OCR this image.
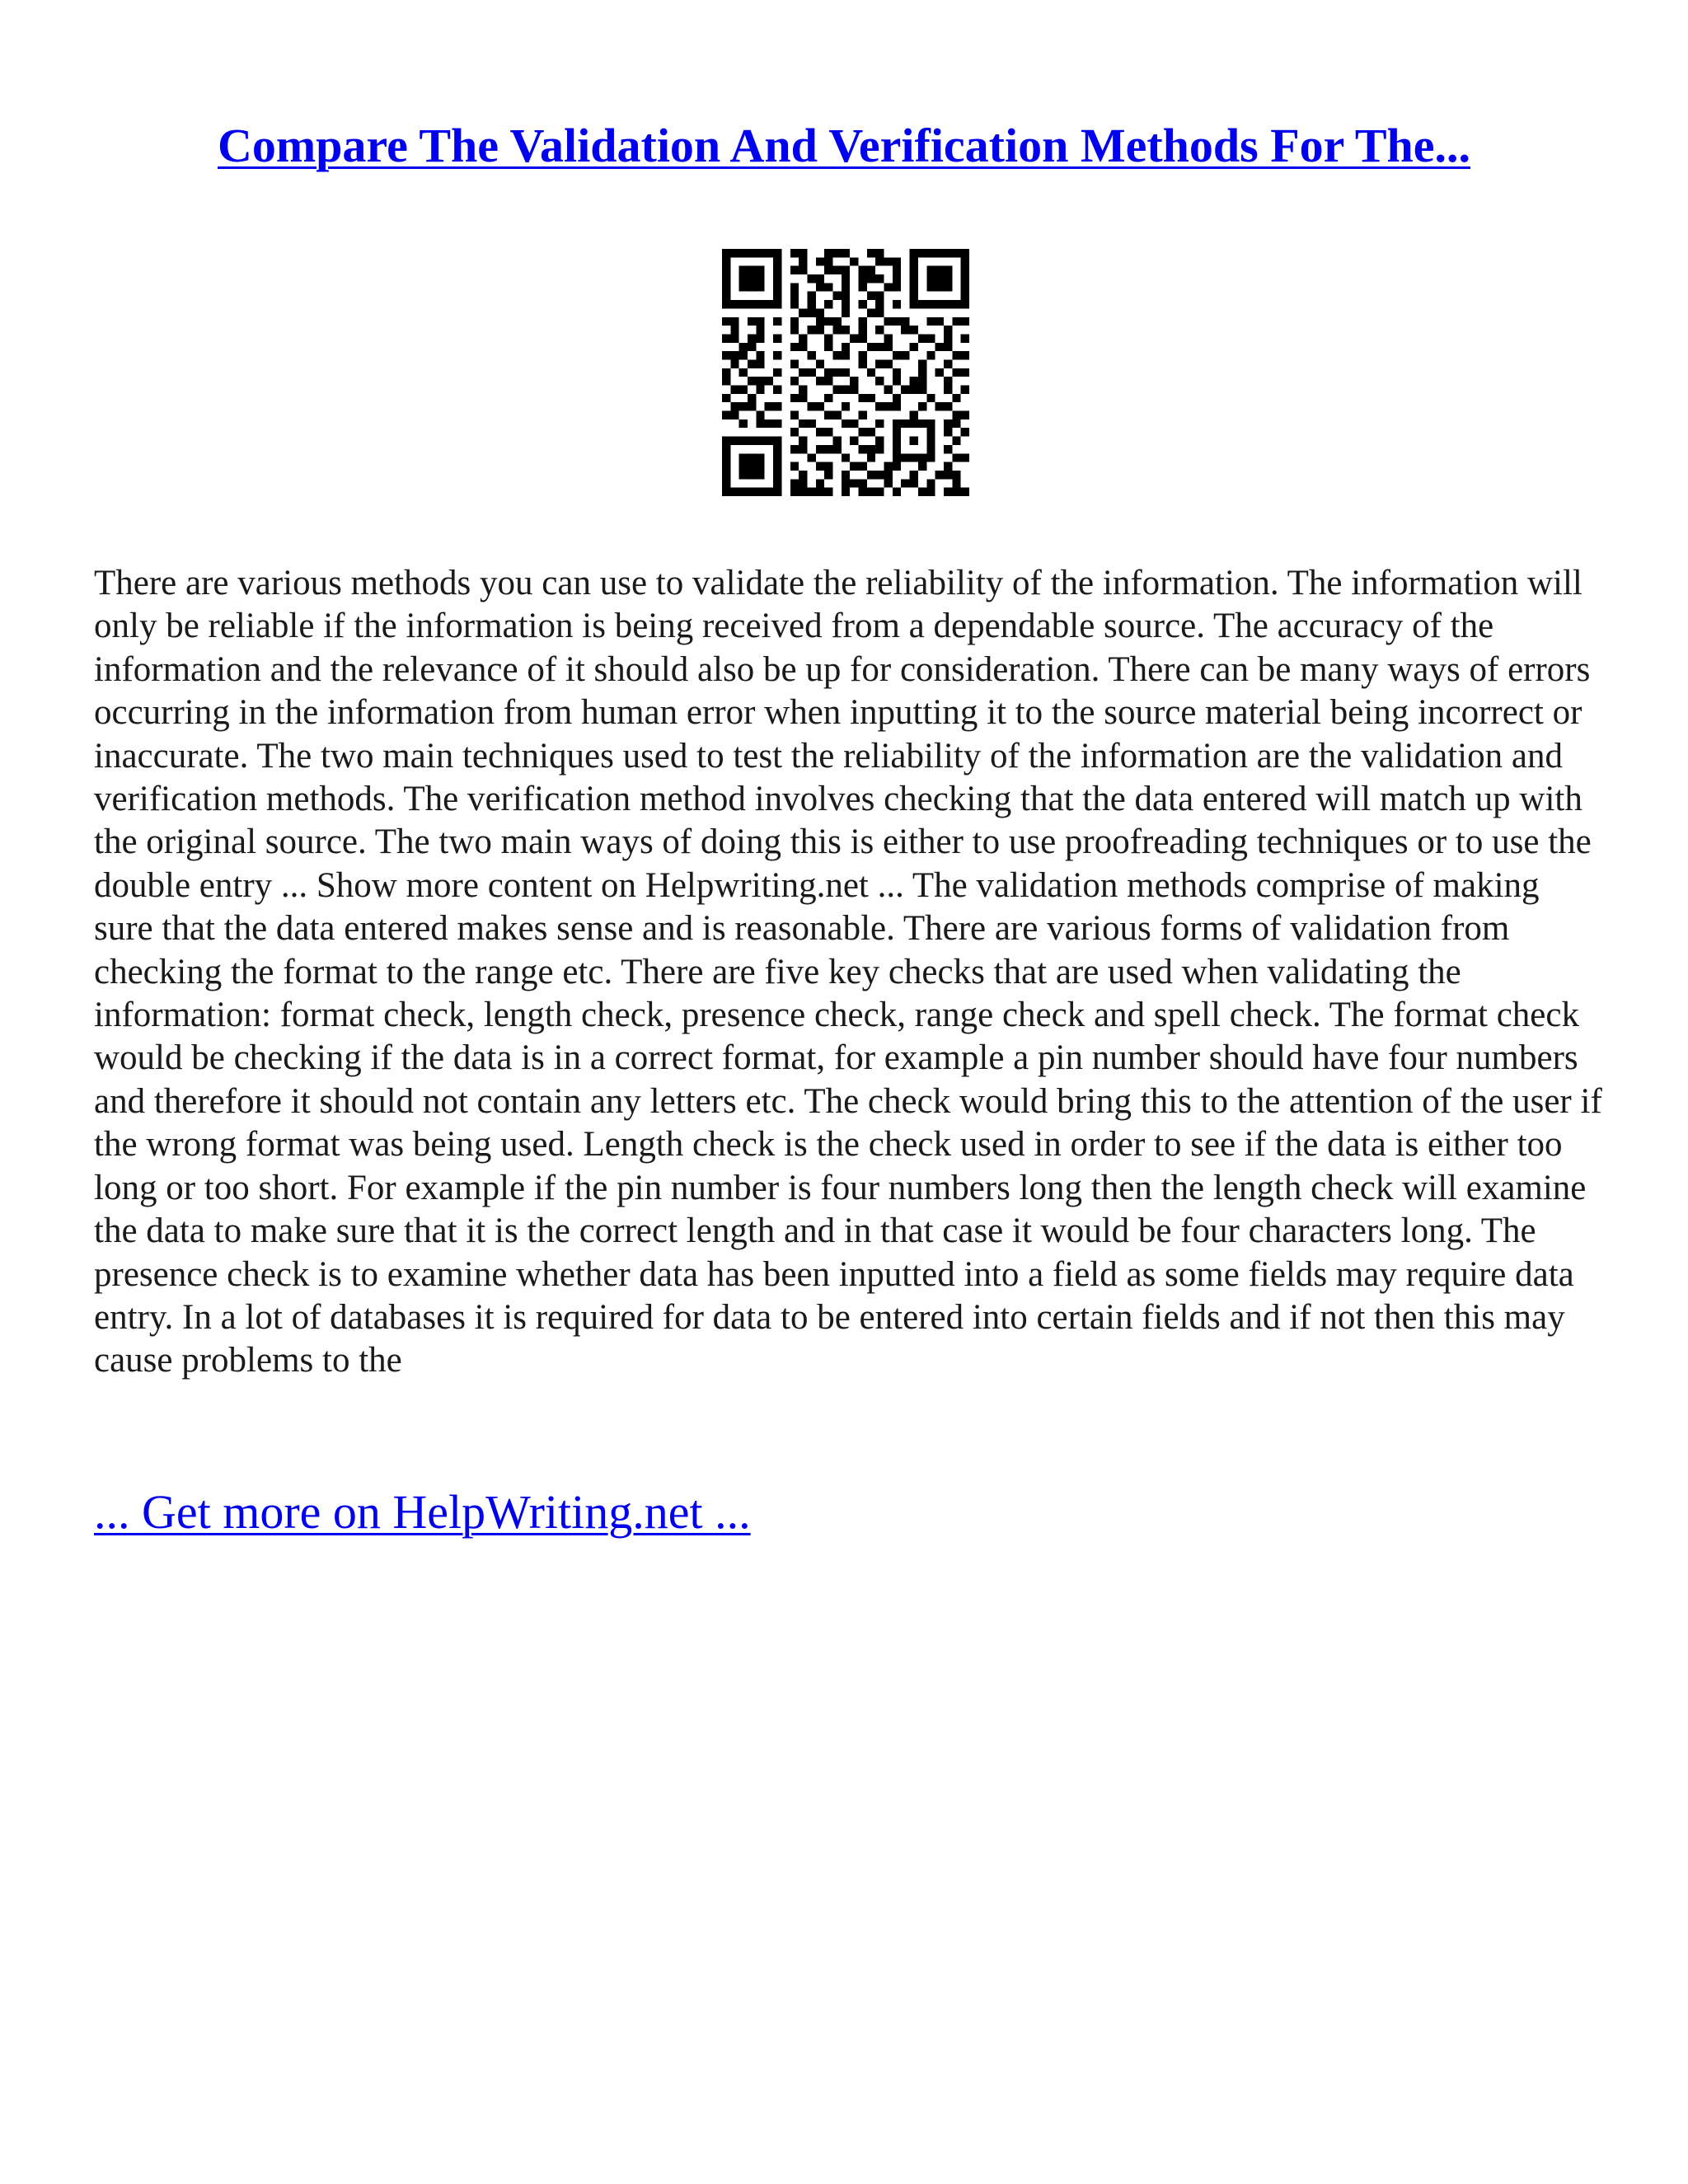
Compare The Validation And Verification Methods For The...

There are various methods you can use to validate the reliability of the information. The information will only be reliable if the information is being received from a dependable source. The accuracy of the information and the relevance of it should also be up for consideration. There can be many ways of errors occurring in the information from human error when inputting it to the source material being incorrect or inaccurate. The two main techniques used to test the reliability of the information are the validation and verification methods. The verification method involves checking that the data entered will match up with the original source. The two main ways of doing this is either to use proofreading techniques or to use the double entry ... Show more content on Helpwriting.net ... The validation methods comprise of making sure that the data entered makes sense and is reasonable. There are various forms of validation from checking the format to the range etc. There are five key checks that are used when validating the information: format check, length check, presence check, range check and spell check. The format check would be checking if the data is in a correct format, for example a pin number should have four numbers and therefore it should not contain any letters etc. The check would bring this to the attention of the user if the wrong format was being used. Length check is the check used in order to see if the data is either too long or too short. For example if the pin number is four numbers long then the length check will examine the data to make sure that it is the correct length and in that case it would be four characters long. The presence check is to examine whether data has been inputted into a field as some fields may require data entry. In a lot of databases it is required for data to be entered into certain fields and if not then this may cause problems to the

... Get more on HelpWriting.net ...
